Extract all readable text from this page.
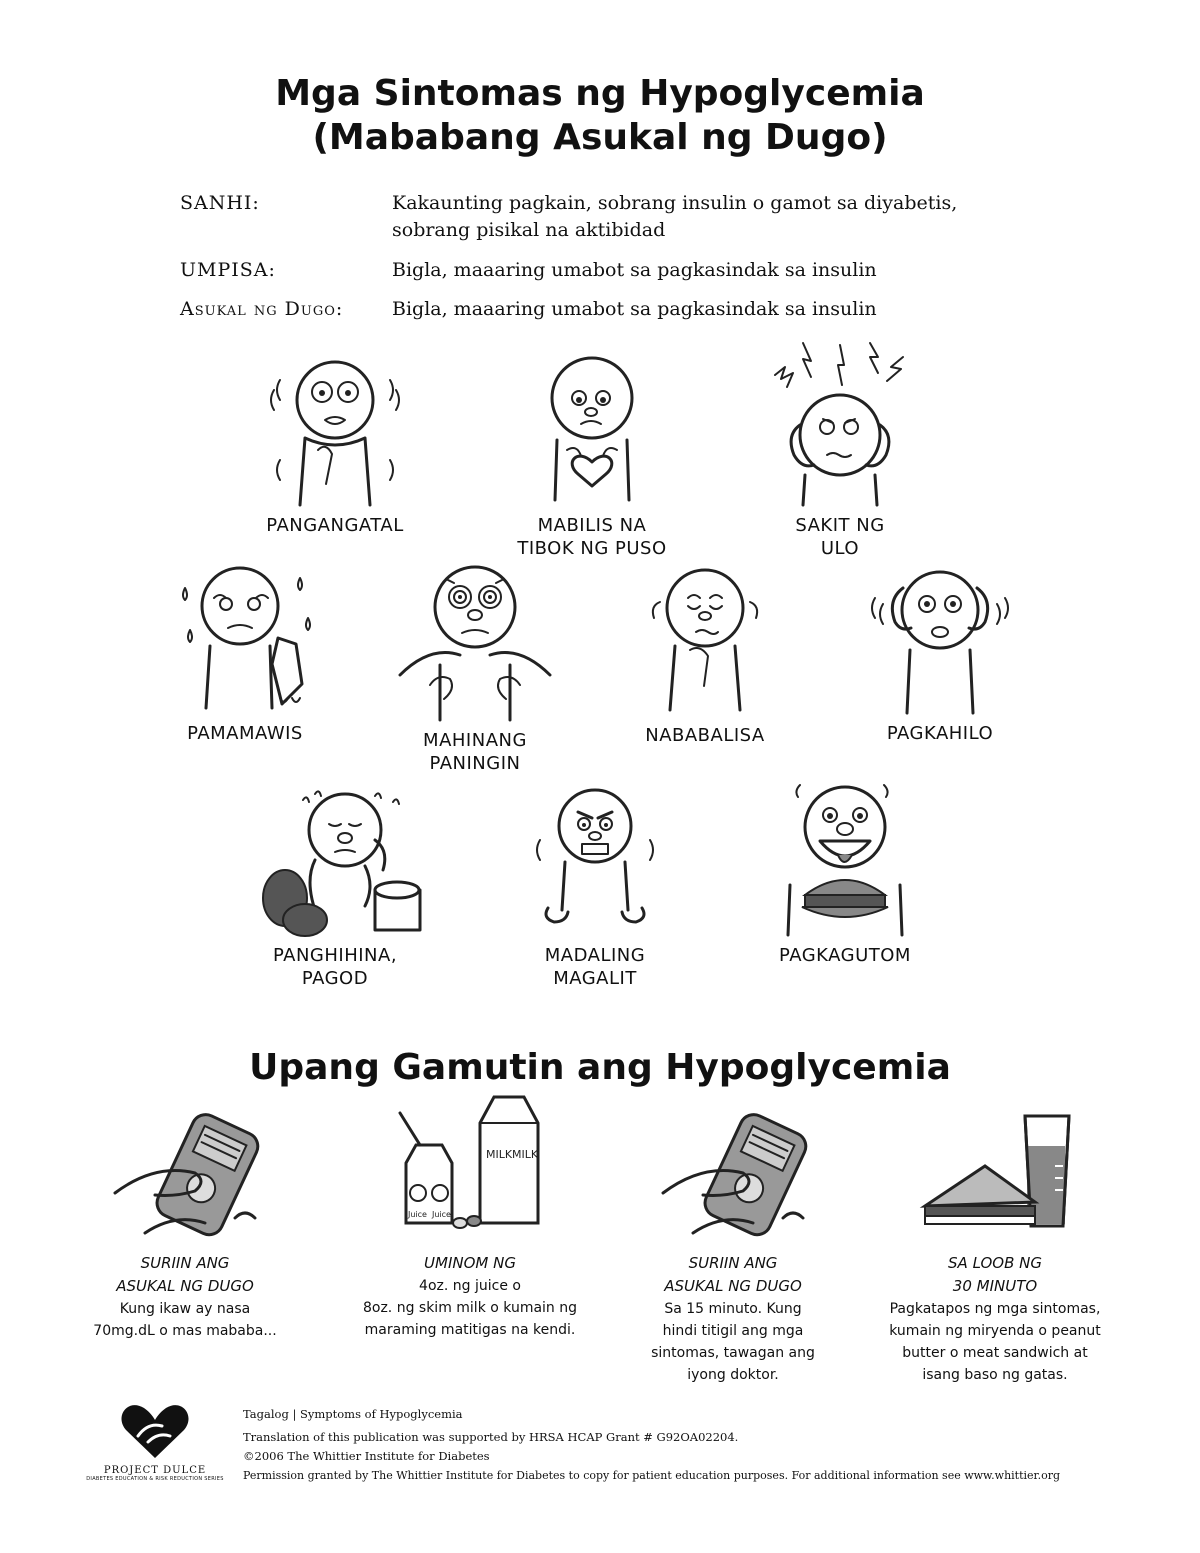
Mga Sintomas ng Hypoglycemia
(Mababang Asukal ng Dugo)
SANHI:	Kakaunting pagkain, sobrang insulin o gamot sa diyabetis, sobrang pisikal na aktibidad
UMPISA:	Bigla, maaaring umabot sa pagkasindak sa insulin
Asukal ng Dugo:	Bigla, maaaring umabot sa pagkasindak sa insulin
PANGANGATAL	MABILIS NA
TIBOK NG PUSO
SAKIT NG
ULO
PAMAMAWIS	MAHINANG
PANINGIN
NABABALISA	PAGKAHILO
PANGHIHINA,
PAGOD
MADALING
MAGALIT
PAGKAGUTOM
Upang Gamutin ang Hypoglycemia
SURIIN ANG
ASUKAL NG DUGO
Kung ikaw ay nasa
70mg.dL o mas mababa...
MILK MILK
Juice Juice
UMINOM NG
4oz. ng juice o
8oz. ng skim milk o kumain ng
maraming matitigas na kendi.
SURIIN ANG
ASUKAL NG DUGO
Sa 15 minuto. Kung
hindi titigil ang mga
sintomas, tawagan ang
iyong doktor.
SA LOOB NG
30 MINUTO
Pagkatapos ng mga sintomas,
kumain ng miryenda o peanut
butter o meat sandwich at
isang baso ng gatas.
PROJECT DULCE
DIABETES EDUCATION & RISK REDUCTION SERIES
Tagalog | Symptoms of Hypoglycemia
Translation of this publication was supported by HRSA HCAP Grant # G92OA02204.
©2006 The Whittier Institute for Diabetes
Permission granted by The Whittier Institute for Diabetes to copy for patient education purposes. For additional information see www.whittier.org
